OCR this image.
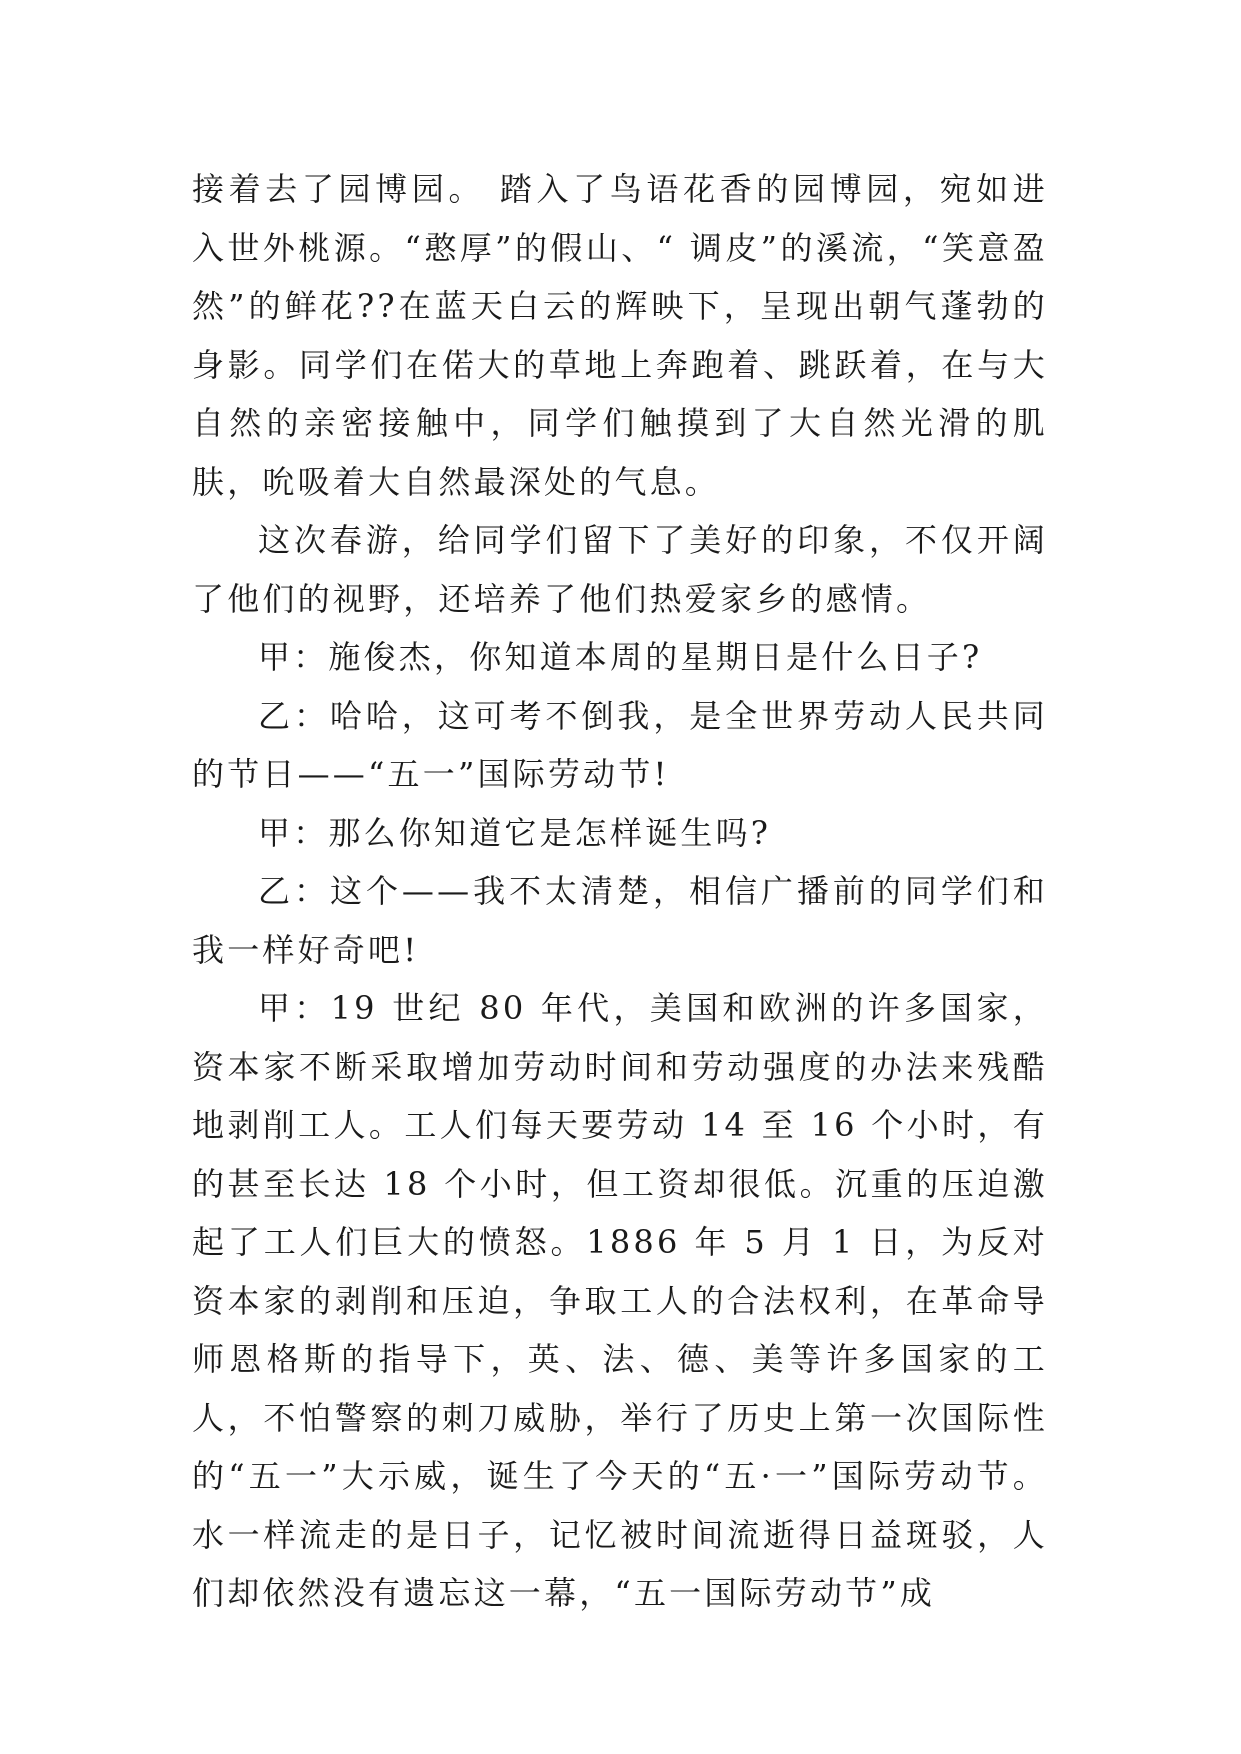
接着去了园博园。 踏入了鸟语花香的园博园，宛如进入世外桃源。“憨厚”的假山、“ 调皮”的溪流，“笑意盈然”的鲜花??在蓝天白云的辉映下，呈现出朝气蓬勃的身影。同学们在偌大的草地上奔跑着、跳跃着，在与大自然的亲密接触中，同学们触摸到了大自然光滑的肌肤，吮吸着大自然最深处的气息。

这次春游，给同学们留下了美好的印象，不仅开阔了他们的视野，还培养了他们热爱家乡的感情。

甲：施俊杰，你知道本周的星期日是什么日子?

乙：哈哈，这可考不倒我，是全世界劳动人民共同的节日——“五一”国际劳动节!

甲：那么你知道它是怎样诞生吗?

乙：这个——我不太清楚，相信广播前的同学们和我一样好奇吧!

甲：19 世纪 80 年代，美国和欧洲的许多国家，资本家不断采取增加劳动时间和劳动强度的办法来残酷地剥削工人。工人们每天要劳动 14 至 16 个小时，有的甚至长达 18 个小时，但工资却很低。沉重的压迫激起了工人们巨大的愤怒。1886 年 5 月 1 日，为反对资本家的剥削和压迫，争取工人的合法权利，在革命导师恩格斯的指导下，英、法、德、美等许多国家的工人，不怕警察的刺刀威胁，举行了历史上第一次国际性的“五一”大示威，诞生了今天的“五·一”国际劳动节。水一样流走的是日子，记忆被时间流逝得日益斑驳，人们却依然没有遗忘这一幕，“五一国际劳动节”成
